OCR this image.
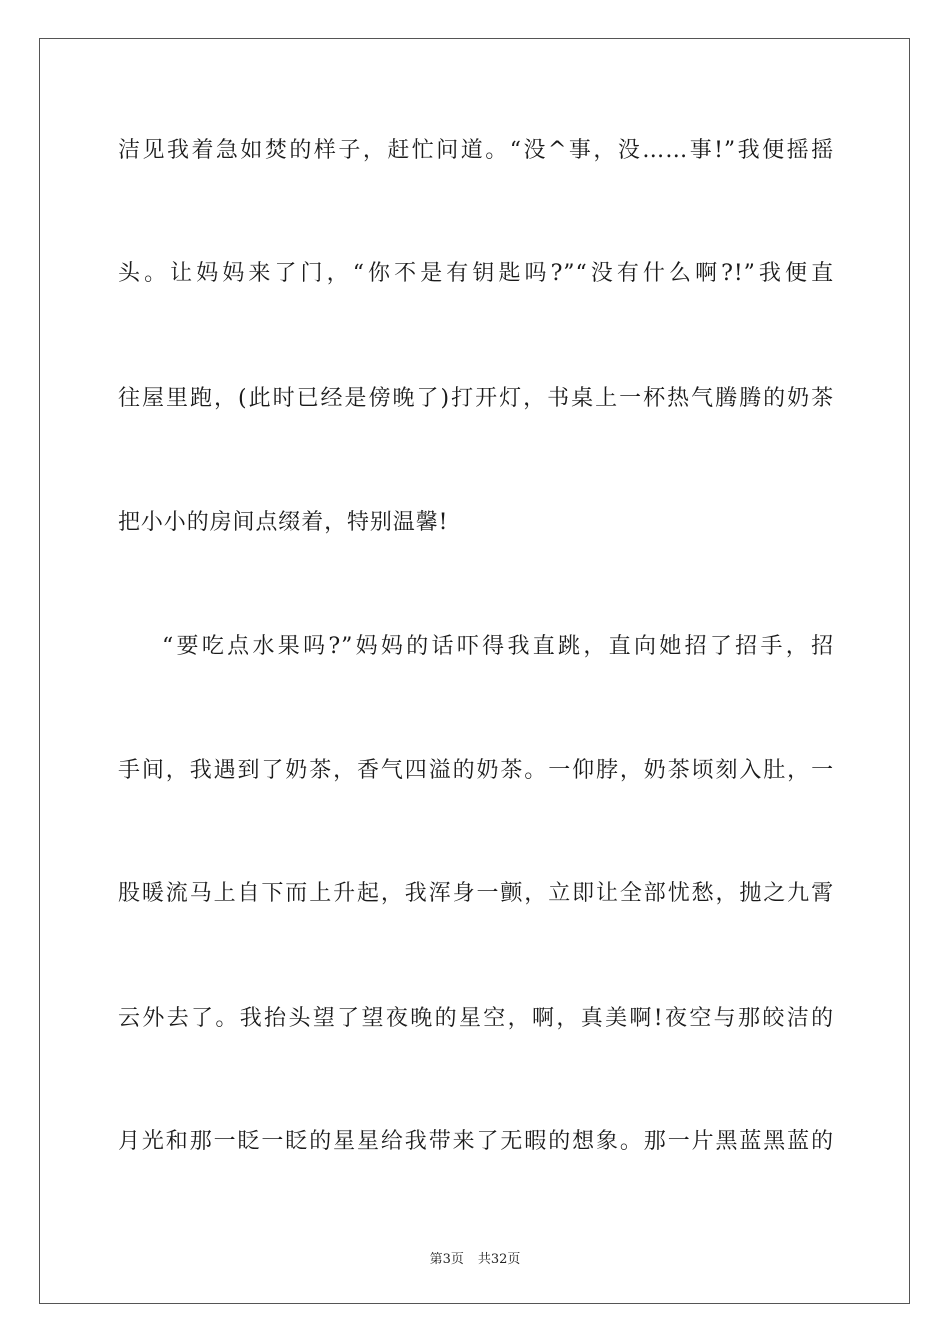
洁见我着急如焚的样子，赶忙问道。“没^事，没……事!”我便摇摇

头。让妈妈来了门，“你不是有钥匙吗?”“没有什么啊?!”我便直

往屋里跑，(此时已经是傍晚了)打开灯，书桌上一杯热气腾腾的奶茶

把小小的房间点缀着，特别温馨!

“要吃点水果吗?”妈妈的话吓得我直跳，直向她招了招手，招

手间，我遇到了奶茶，香气四溢的奶茶。一仰脖，奶茶顷刻入肚，一

股暖流马上自下而上升起，我浑身一颤，立即让全部忧愁，抛之九霄

云外去了。我抬头望了望夜晚的星空，啊，真美啊!夜空与那皎洁的

月光和那一眨一眨的星星给我带来了无暇的想象。那一片黑蓝黑蓝的

第3页 共32页
